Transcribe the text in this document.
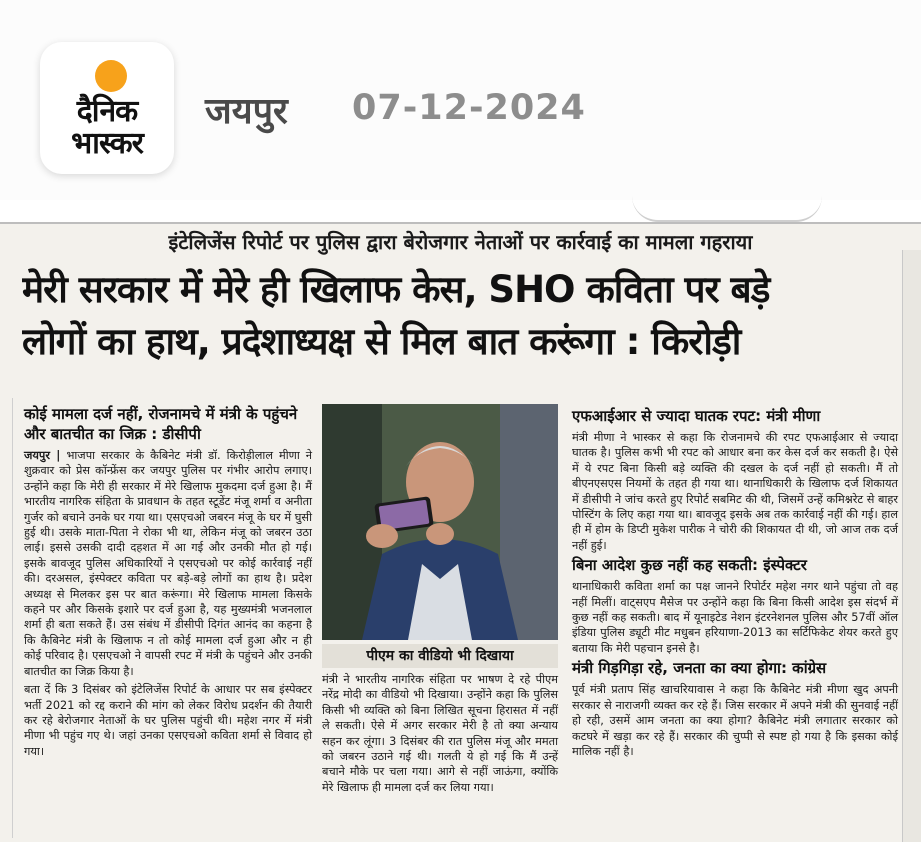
दैनिक भास्कर
जयपुर 07-12-2024
इंटेलिजेंस रिपोर्ट पर पुलिस द्वारा बेरोजगार नेताओं पर कार्रवाई का मामला गहराया
मेरी सरकार में मेरे ही खिलाफ केस, SHO कविता पर बड़े
लोगों का हाथ, प्रदेशाध्यक्ष से मिल बात करूंगा : किरोड़ी
कोई मामला दर्ज नहीं, रोजनामचे में मंत्री के पहुंचने और बातचीत का जिक्र : डीसीपी

जयपुर | भाजपा सरकार के कैबिनेट मंत्री डॉ. किरोड़ीलाल मीणा ने शुक्रवार को प्रेस कॉन्फ्रेंस कर जयपुर पुलिस पर गंभीर आरोप लगाए। उन्होंने कहा कि मेरी ही सरकार में मेरे खिलाफ मुकदमा दर्ज हुआ है। मैं भारतीय नागरिक संहिता के प्रावधान के तहत स्टूडेंट मंजू शर्मा व अनीता गुर्जर को बचाने उनके घर गया था। एसएचओ जबरन मंजू के घर में घुसी हुई थी। उसके माता-पिता ने रोका भी था, लेकिन मंजू को जबरन उठा लाई। इससे उसकी दादी दहशत में आ गई और उनकी मौत हो गई। इसके बावजूद पुलिस अधिकारियों ने एसएचओ पर कोई कार्रवाई नहीं की। दरअसल, इंस्पेक्टर कविता पर बड़े-बड़े लोगों का हाथ है। प्रदेश अध्यक्ष से मिलकर इस पर बात करूंगा। मेरे खिलाफ मामला किसके कहने पर और किसके इशारे पर दर्ज हुआ है, यह मुख्यमंत्री भजनलाल शर्मा ही बता सकते हैं। उस संबंध में डीसीपी दिगंत आनंद का कहना है कि कैबिनेट मंत्री के खिलाफ न तो कोई मामला दर्ज हुआ और न ही कोई परिवाद है। एसएचओ ने वापसी रपट में मंत्री के पहुंचने और उनकी बातचीत का जिक्र किया है।

बता दें कि 3 दिसंबर को इंटेलिजेंस रिपोर्ट के आधार पर सब इंस्पेक्टर भर्ती 2021 को रद्द कराने की मांग को लेकर विरोध प्रदर्शन की तैयारी कर रहे बेरोजगार नेताओं के घर पुलिस पहुंची थी। महेश नगर में मंत्री मीणा भी पहुंच गए थे। जहां उनका एसएचओ कविता शर्मा से विवाद हो गया।

पीएम का वीडियो भी दिखाया
मंत्री ने भारतीय नागरिक संहिता पर भाषण दे रहे पीएम नरेंद्र मोदी का वीडियो भी दिखाया। उन्होंने कहा कि पुलिस किसी भी व्यक्ति को बिना लिखित सूचना हिरासत में नहीं ले सकती। ऐसे में अगर सरकार मेरी है तो क्या अन्याय सहन कर लूंगा। 3 दिसंबर की रात पुलिस मंजू और ममता को जबरन उठाने गई थी। गलती ये हो गई कि मैं उन्हें बचाने मौके पर चला गया। आगे से नहीं जाऊंगा, क्योंकि मेरे खिलाफ ही मामला दर्ज कर लिया गया।
एफआईआर से ज्यादा घातक रपट: मंत्री मीणा
मंत्री मीणा ने भास्कर से कहा कि रोजनामचे की रपट एफआईआर से ज्यादा घातक है। पुलिस कभी भी रपट को आधार बना कर केस दर्ज कर सकती है। ऐसे में ये रपट बिना किसी बड़े व्यक्ति की दखल के दर्ज नहीं हो सकती। मैं तो बीएनएसएस नियमों के तहत ही गया था। थानाधिकारी के खिलाफ दर्ज शिकायत में डीसीपी ने जांच करते हुए रिपोर्ट सबमिट की थी, जिसमें उन्हें कमिश्नरेट से बाहर पोस्टिंग के लिए कहा गया था। बावजूद इसके अब तक कार्रवाई नहीं की गई। हाल ही में होम के डिप्टी मुकेश पारीक ने चोरी की शिकायत दी थी, जो आज तक दर्ज नहीं हुई।
बिना आदेश कुछ नहीं कह सकती: इंस्पेक्टर
थानाधिकारी कविता शर्मा का पक्ष जानने रिपोर्टर महेश नगर थाने पहुंचा तो वह नहीं मिलीं। वाट्सएप मैसेज पर उन्होंने कहा कि बिना किसी आदेश इस संदर्भ में कुछ नहीं कह सकती। बाद में यूनाइटेड नेशन इंटरनेशनल पुलिस और 57वीं ऑल इंडिया पुलिस ड्यूटी मीट मधुबन हरियाणा-2013 का सर्टिफिकेट शेयर करते हुए बताया कि मेरी पहचान इनसे है।
मंत्री गिड़गिड़ा रहे, जनता का क्या होगा: कांग्रेस
पूर्व मंत्री प्रताप सिंह खाचरियावास ने कहा कि कैबिनेट मंत्री मीणा खुद अपनी सरकार से नाराजगी व्यक्त कर रहे हैं। जिस सरकार में अपने मंत्री की सुनवाई नहीं हो रही, उसमें आम जनता का क्या होगा? कैबिनेट मंत्री लगातार सरकार को कटघरे में खड़ा कर रहे हैं। सरकार की चुप्पी से स्पष्ट हो गया है कि इसका कोई मालिक नहीं है।
